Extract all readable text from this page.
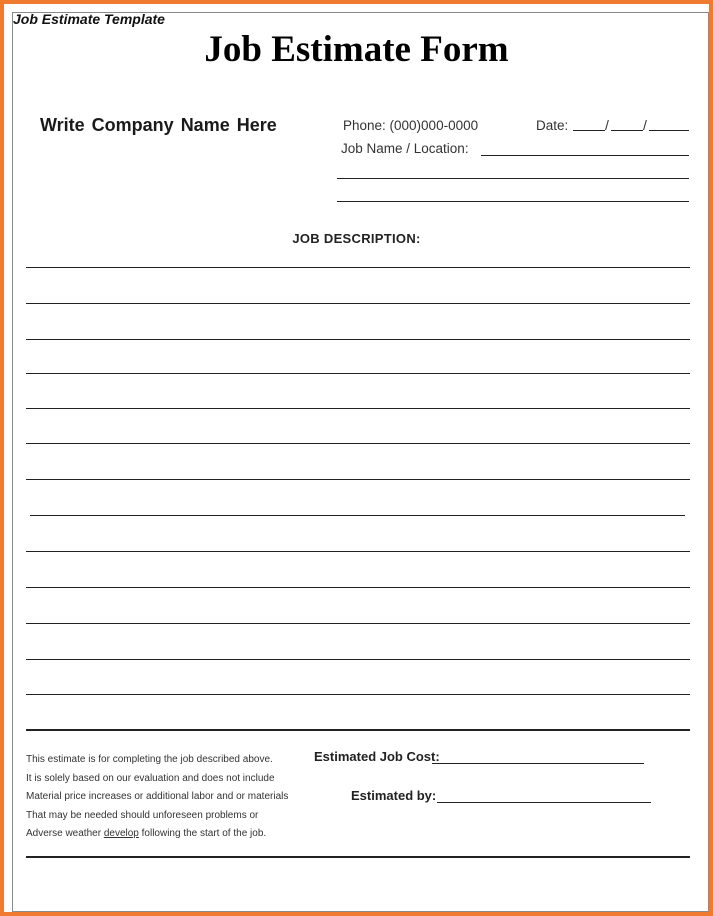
Job Estimate Template
Job Estimate Form
Write Company Name Here	Phone: (000)000-0000	Date:	/ /
Job Name / Location:
JOB DESCRIPTION:
This estimate is for completing the job described above.
It is solely based on our evaluation and does not include
Material price increases or additional labor and or materials
That may be needed should unforeseen problems or
Adverse weather develop following the start of the job.
Estimated Job Cost:
Estimated by:
